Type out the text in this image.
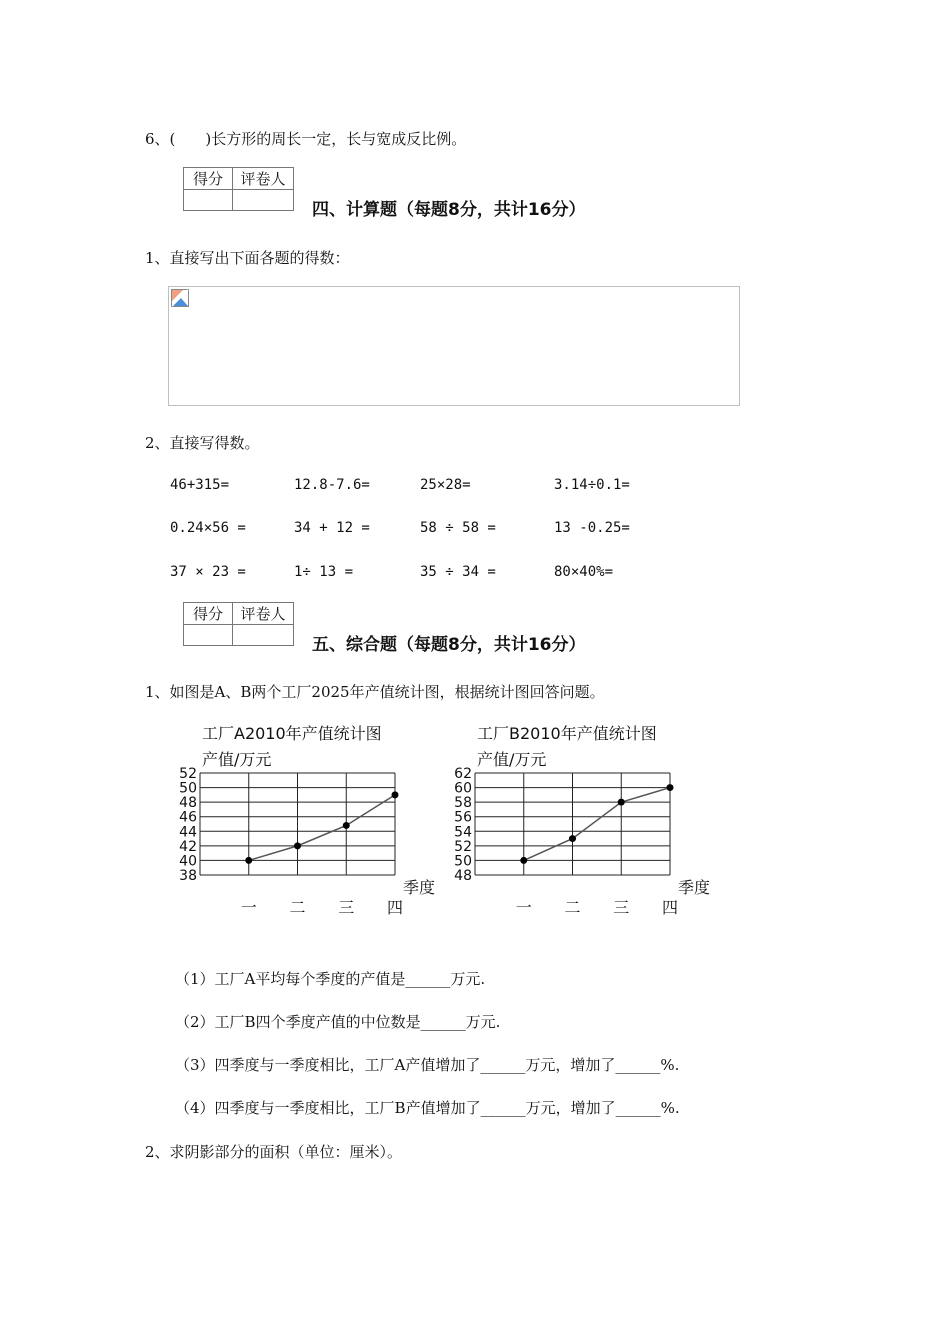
6、(　　)长方形的周长一定，长与宽成反比例。
得分	评卷人

四、计算题（每题8分，共计16分）
1、直接写出下面各题的得数：
2、直接写得数。
46+315=	12.8-7.6=	25×28=	3.14÷0.1=
0.24×56 =	34 + 12 =	58 ÷ 58 =	13 -0.25=
37 × 23 =	1÷ 13 =	35 ÷ 34 =	80×40%=
得分	评卷人

五、综合题（每题8分，共计16分）
1、如图是A、B两个工厂2025年产值统计图，根据统计图回答问题。
工厂A2010年产值统计图
产值/万元
52
50
48
46
44
42
40
38
一 二 三 四
季度
工厂B2010年产值统计图
产值/万元
62
60
58
56
54
52
50
48
一 二 三 四
季度
（1）工厂A平均每个季度的产值是______万元.
（2）工厂B四个季度产值的中位数是______万元.
（3）四季度与一季度相比，工厂A产值增加了______万元，增加了______%.
（4）四季度与一季度相比，工厂B产值增加了______万元，增加了______%.
2、求阴影部分的面积（单位：厘米）。
